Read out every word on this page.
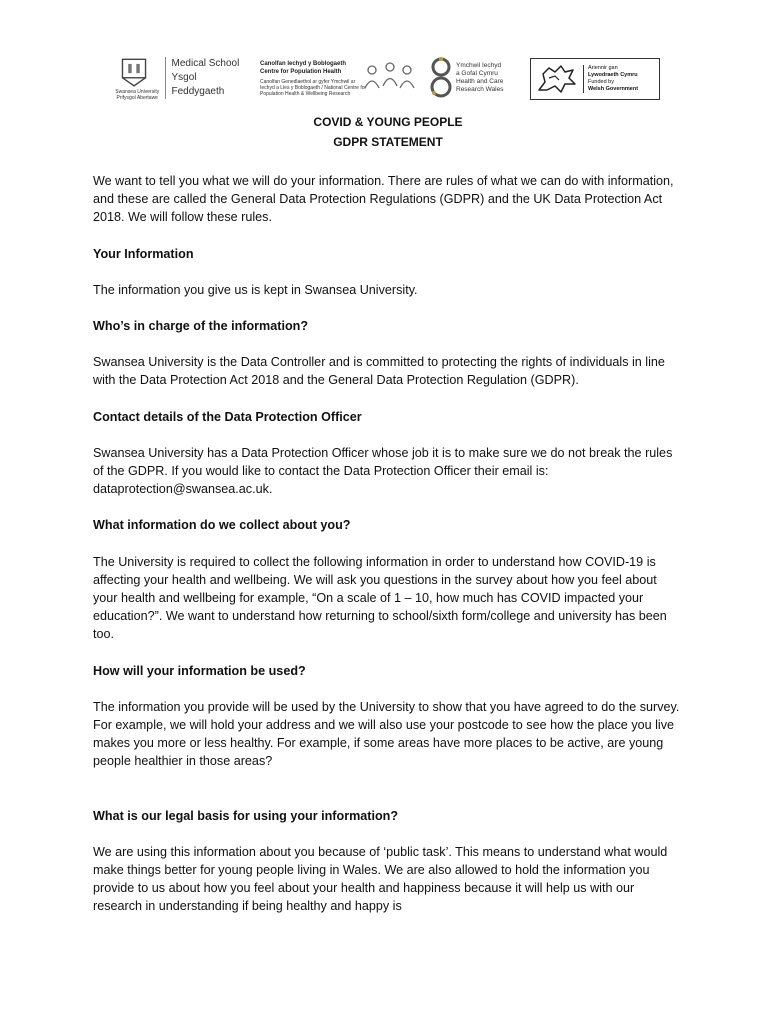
Swansea University
Prifysgol Abertawe
Medical School
Ysgol Feddygaeth
Canolfan Iechyd y Boblogaeth
Centre for Population Health
Canolfan Genedlaethol ar gyfer Ymchwil ar Iechyd a Lles y Boblogaeth / National Centre for Population Health & Wellbeing Research
Ymchwil Iechyd
a Gofal Cymru
Health and Care
Research Wales
Ariennir gan
Lywodraeth Cymru
Funded by
Welsh Government
COVID & YOUNG PEOPLE
GDPR STATEMENT

We want to tell you what we will do your information. There are rules of what we can do with information, and these are called the General Data Protection Regulations (GDPR) and the UK Data Protection Act 2018. We will follow these rules.

Your Information

The information you give us is kept in Swansea University.

Who’s in charge of the information?

Swansea University is the Data Controller and is committed to protecting the rights of individuals in line with the Data Protection Act 2018 and the General Data Protection Regulation (GDPR).

Contact details of the Data Protection Officer

Swansea University has a Data Protection Officer whose job it is to make sure we do not break the rules of the GDPR. If you would like to contact the Data Protection Officer their email is: dataprotection@swansea.ac.uk.

What information do we collect about you?

The University is required to collect the following information in order to understand how COVID-19 is affecting your health and wellbeing. We will ask you questions in the survey about how you feel about your health and wellbeing for example, “On a scale of 1 – 10, how much has COVID impacted your education?”. We want to understand how returning to school/sixth form/college and university has been too.

How will your information be used?

The information you provide will be used by the University to show that you have agreed to do the survey. For example, we will hold your address and we will also use your postcode to see how the place you live makes you more or less healthy. For example, if some areas have more places to be active, are young people healthier in those areas?

What is our legal basis for using your information?

We are using this information about you because of ‘public task’. This means to understand what would make things better for young people living in Wales. We are also allowed to hold the information you provide to us about how you feel about your health and happiness because it will help us with our research in understanding if being healthy and happy is
